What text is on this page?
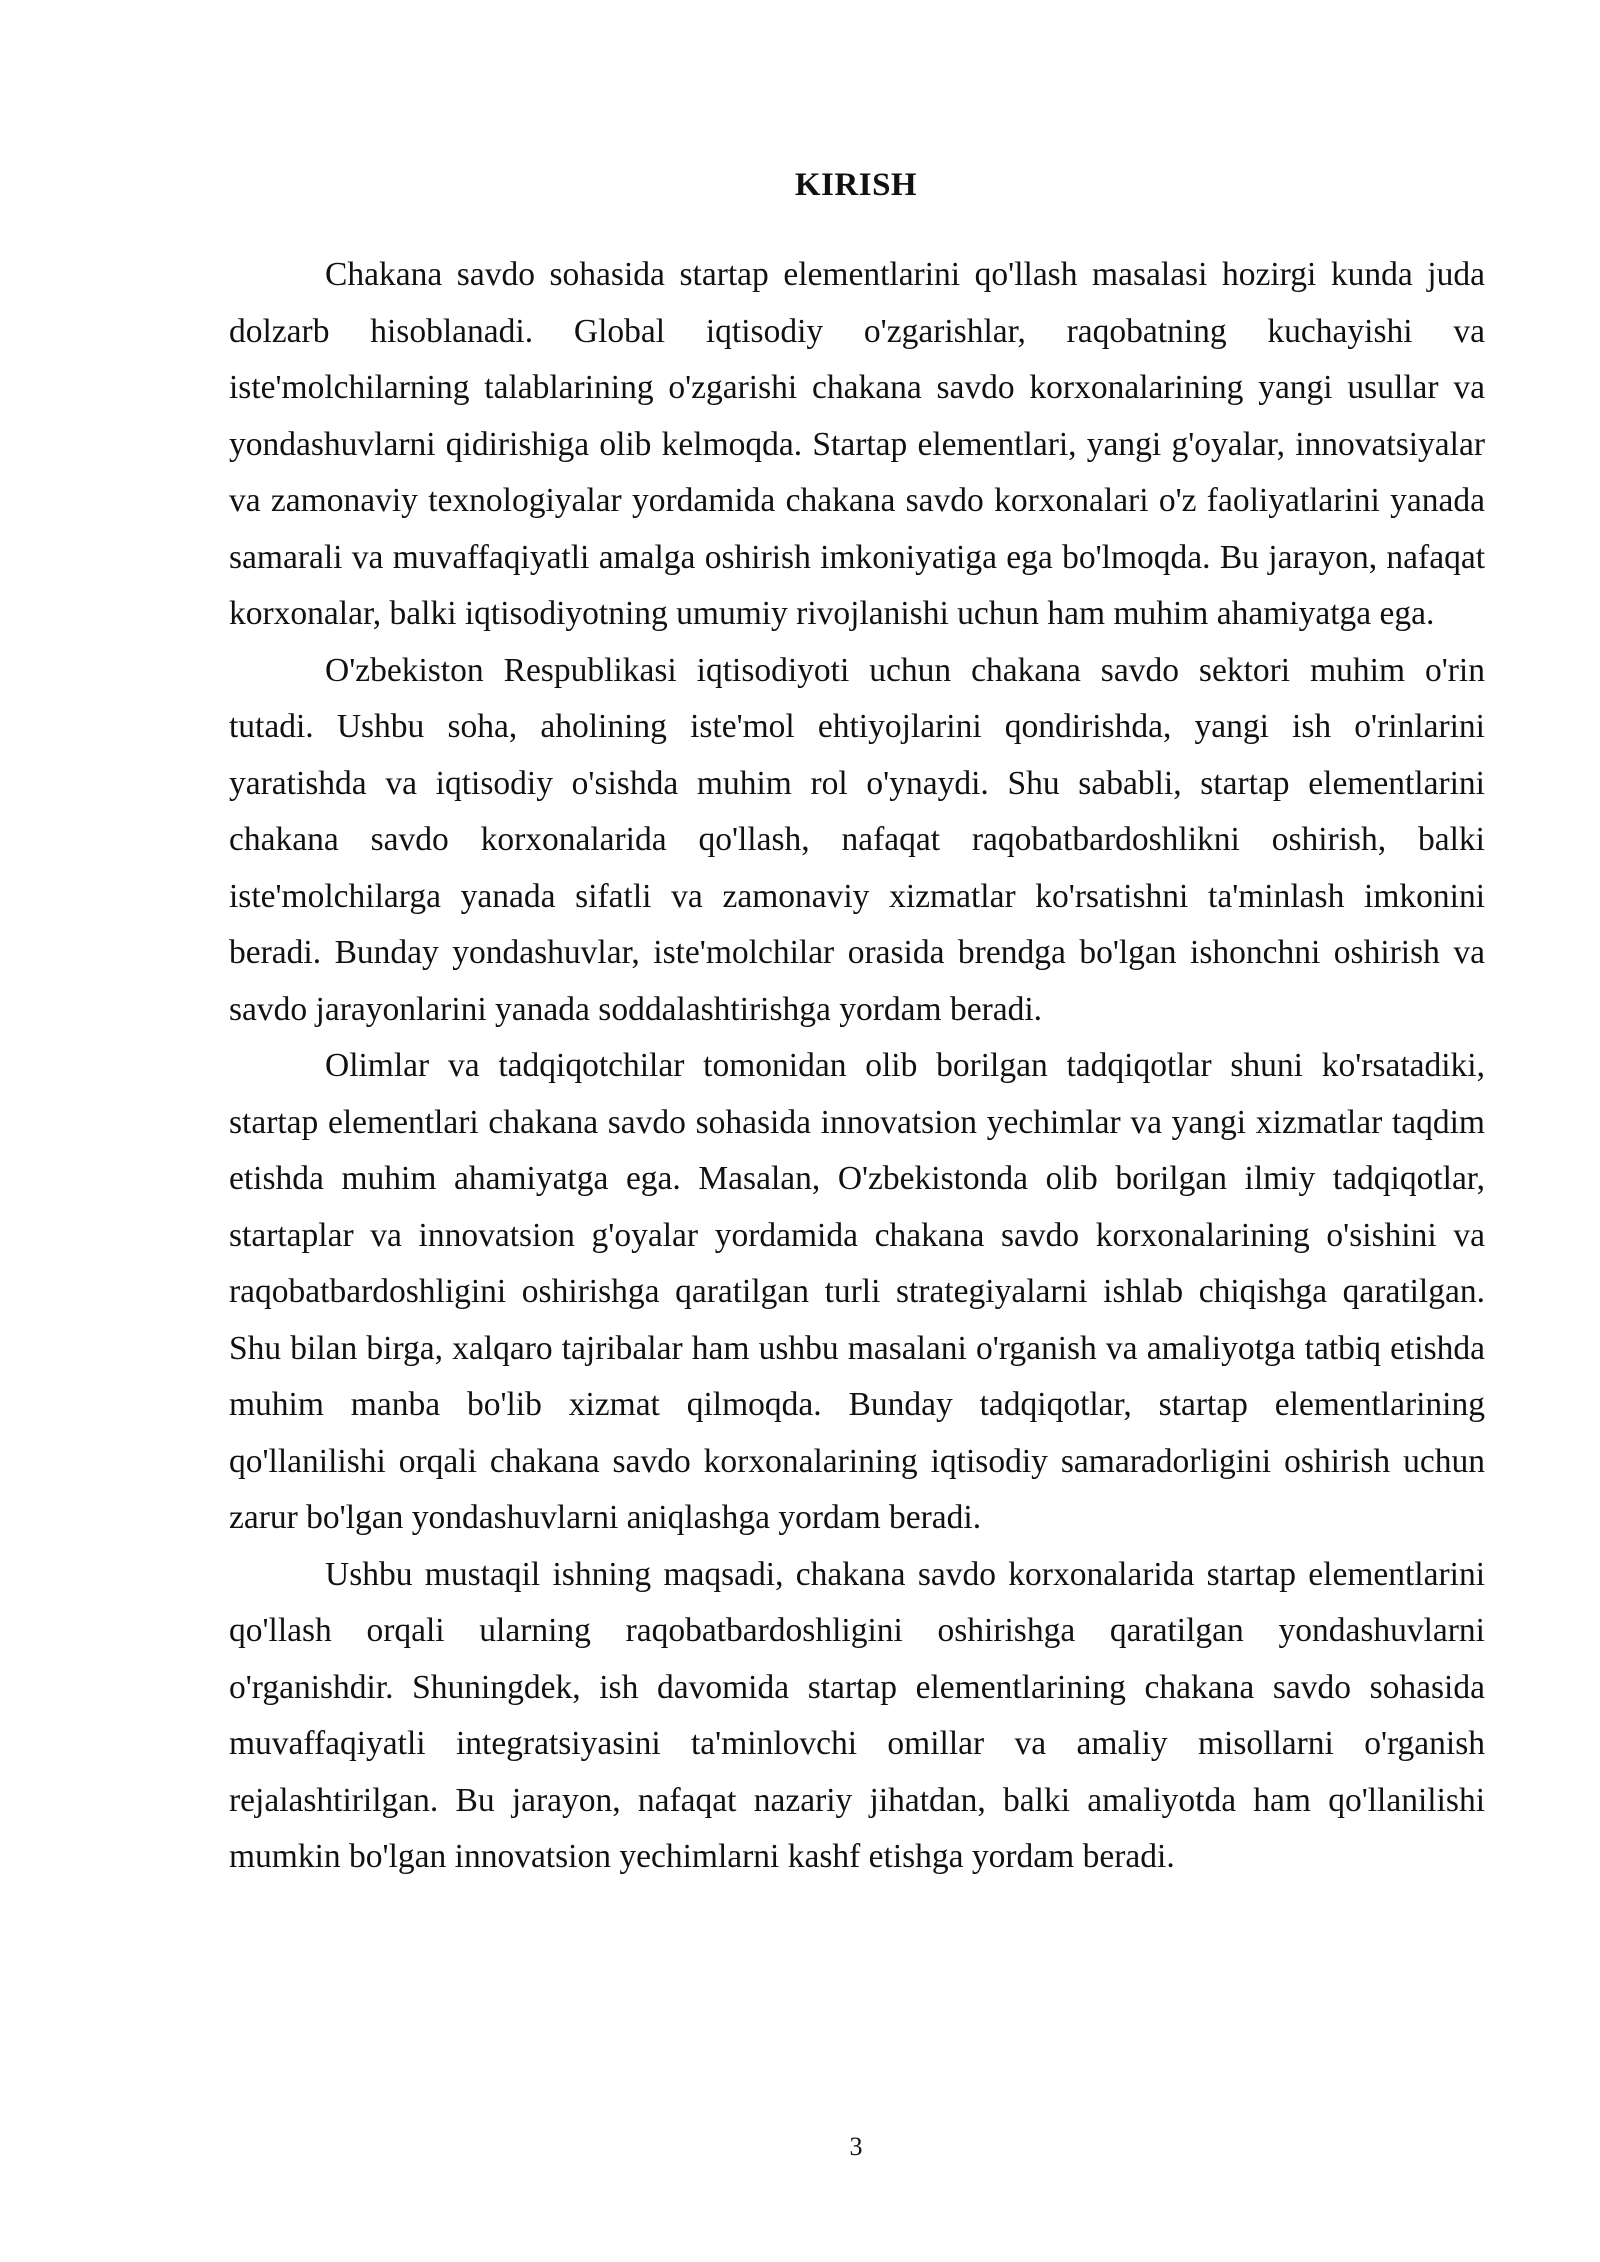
KIRISH

Chakana savdo sohasida startap elementlarini qo'llash masalasi hozirgi kunda juda dolzarb hisoblanadi. Global iqtisodiy o'zgarishlar, raqobatning kuchayishi va iste'molchilarning talablarining o'zgarishi chakana savdo korxonalarining yangi usullar va yondashuvlarni qidirishiga olib kelmoqda. Startap elementlari, yangi g'oyalar, innovatsiyalar va zamonaviy texnologiyalar yordamida chakana savdo korxonalari o'z faoliyatlarini yanada samarali va muvaffaqiyatli amalga oshirish imkoniyatiga ega bo'lmoqda. Bu jarayon, nafaqat korxonalar, balki iqtisodiyotning umumiy rivojlanishi uchun ham muhim ahamiyatga ega.

O'zbekiston Respublikasi iqtisodiyoti uchun chakana savdo sektori muhim o'rin tutadi. Ushbu soha, aholining iste'mol ehtiyojlarini qondirishda, yangi ish o'rinlarini yaratishda va iqtisodiy o'sishda muhim rol o'ynaydi. Shu sababli, startap elementlarini chakana savdo korxonalarida qo'llash, nafaqat raqobatbardoshlikni oshirish, balki iste'molchilarga yanada sifatli va zamonaviy xizmatlar ko'rsatishni ta'minlash imkonini beradi. Bunday yondashuvlar, iste'molchilar orasida brendga bo'lgan ishonchni oshirish va savdo jarayonlarini yanada soddalashtirishga yordam beradi.

Olimlar va tadqiqotchilar tomonidan olib borilgan tadqiqotlar shuni ko'rsatadiki, startap elementlari chakana savdo sohasida innovatsion yechimlar va yangi xizmatlar taqdim etishda muhim ahamiyatga ega. Masalan, O'zbekistonda olib borilgan ilmiy tadqiqotlar, startaplar va innovatsion g'oyalar yordamida chakana savdo korxonalarining o'sishini va raqobatbardoshligini oshirishga qaratilgan turli strategiyalarni ishlab chiqishga qaratilgan. Shu bilan birga, xalqaro tajribalar ham ushbu masalani o'rganish va amaliyotga tatbiq etishda muhim manba bo'lib xizmat qilmoqda. Bunday tadqiqotlar, startap elementlarining qo'llanilishi orqali chakana savdo korxonalarining iqtisodiy samaradorligini oshirish uchun zarur bo'lgan yondashuvlarni aniqlashga yordam beradi.

Ushbu mustaqil ishning maqsadi, chakana savdo korxonalarida startap elementlarini qo'llash orqali ularning raqobatbardoshligini oshirishga qaratilgan yondashuvlarni o'rganishdir. Shuningdek, ish davomida startap elementlarining chakana savdo sohasida muvaffaqiyatli integratsiyasini ta'minlovchi omillar va amaliy misollarni o'rganish rejalashtirilgan. Bu jarayon, nafaqat nazariy jihatdan, balki amaliyotda ham qo'llanilishi mumkin bo'lgan innovatsion yechimlarni kashf etishga yordam beradi.

3
